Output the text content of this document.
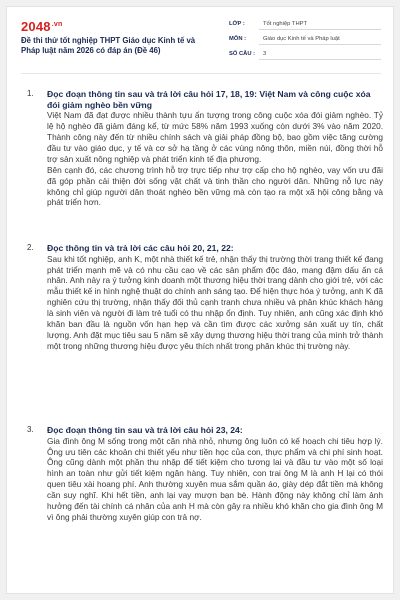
$2048^{.vn}$
Đề thi thử tốt nghiệp THPT Giáo dục Kinh tế và Pháp luật năm 2026 có đáp án (Đề 46)
LỚP :	Tốt nghiệp THPT
MÔN :	Giáo dục Kinh tế và Pháp luật
SỐ CÂU :	3
1. Đọc đoạn thông tin sau và trả lời câu hỏi 17, 18, 19: Việt Nam và công cuộc xóa đói giảm nghèo bền vững
Việt Nam đã đạt được nhiều thành tựu ấn tượng trong công cuộc xóa đói giảm nghèo. Tỷ lệ hộ nghèo đã giảm đáng kể, từ mức 58% năm 1993 xuống còn dưới 3% vào năm 2020. Thành công này đến từ nhiều chính sách và giải pháp đồng bộ, bao gồm việc tăng cường đầu tư vào giáo dục, y tế và cơ sở hạ tầng ở các vùng nông thôn, miền núi, đồng thời hỗ trợ sản xuất nông nghiệp và phát triển kinh tế địa phương.
Bên cạnh đó, các chương trình hỗ trợ trực tiếp như trợ cấp cho hộ nghèo, vay vốn ưu đãi đã góp phần cải thiện đời sống vật chất và tinh thần cho người dân. Những nỗ lực này không chỉ giúp người dân thoát nghèo bền vững mà còn tạo ra một xã hội công bằng và phát triển hơn.
2. Đọc thông tin và trả lời các câu hỏi 20, 21, 22:
Sau khi tốt nghiệp, anh K, một nhà thiết kế trẻ, nhận thấy thị trường thời trang thiết kế đang phát triển mạnh mẽ và có nhu cầu cao về các sản phẩm độc đáo, mang đậm dấu ấn cá nhân. Anh nảy ra ý tưởng kinh doanh một thương hiệu thời trang dành cho giới trẻ, với các mẫu thiết kế in hình nghệ thuật do chính anh sáng tạo. Để hiện thực hóa ý tưởng, anh K đã nghiên cứu thị trường, nhận thấy đối thủ cạnh tranh chưa nhiều và phân khúc khách hàng là sinh viên và người đi làm trẻ tuổi có thu nhập ổn định. Tuy nhiên, anh cũng xác định khó khăn ban đầu là nguồn vốn hạn hẹp và cần tìm được các xưởng sản xuất uy tín, chất lượng. Anh đặt mục tiêu sau 5 năm sẽ xây dựng thương hiệu thời trang của mình trở thành một trong những thương hiệu được yêu thích nhất trong phân khúc thị trường này.
3. Đọc đoạn thông tin sau và trả lời câu hỏi 23, 24:
Gia đình ông M sống trong một căn nhà nhỏ, nhưng ông luôn có kế hoạch chi tiêu hợp lý. Ông ưu tiên các khoản chi thiết yếu như tiền học của con, thực phẩm và chi phí sinh hoạt. Ông cũng dành một phần thu nhập để tiết kiệm cho tương lai và đầu tư vào một số loại hình an toàn như gửi tiết kiệm ngân hàng. Tuy nhiên, con trai ông M là anh H lại có thói quen tiêu xài hoang phí. Anh thường xuyên mua sắm quần áo, giày dép đắt tiền mà không cần suy nghĩ. Khi hết tiền, anh lại vay mượn bạn bè. Hành động này không chỉ làm ảnh hưởng đến tài chính cá nhân của anh H mà còn gây ra nhiều khó khăn cho gia đình ông M vì ông phải thường xuyên giúp con trả nợ.
